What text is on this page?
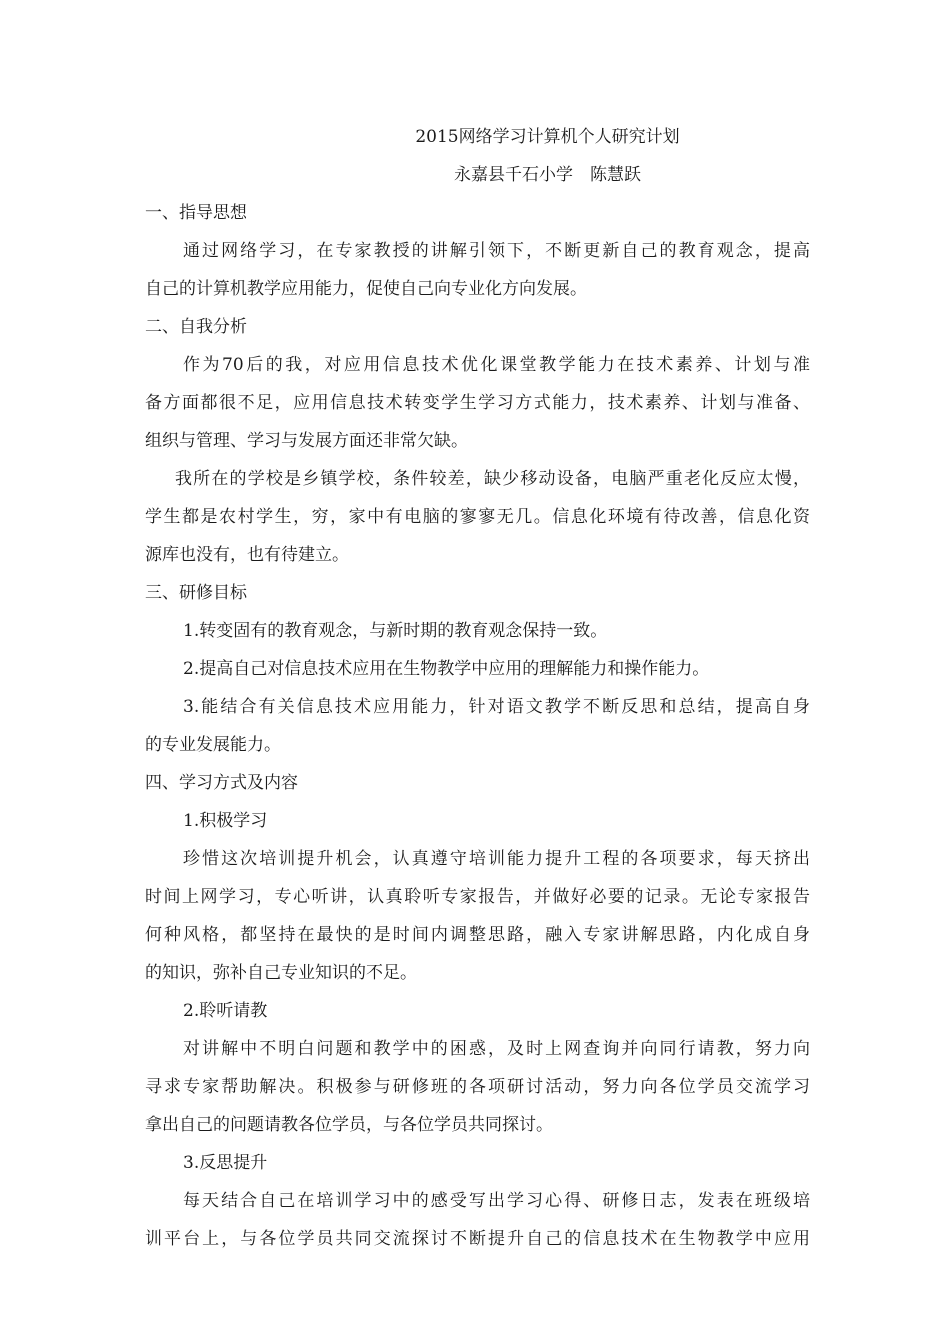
2015网络学习计算机个人研究计划
永嘉县千石小学　陈慧跃
一、指导思想
通过网络学习，在专家教授的讲解引领下，不断更新自己的教育观念，提高
自己的计算机教学应用能力，促使自己向专业化方向发展。
二、自我分析
作为70后的我，对应用信息技术优化课堂教学能力在技术素养、计划与准
备方面都很不足，应用信息技术转变学生学习方式能力，技术素养、计划与准备、
组织与管理、学习与发展方面还非常欠缺。
我所在的学校是乡镇学校，条件较差，缺少移动设备，电脑严重老化反应太慢，
学生都是农村学生，穷，家中有电脑的寥寥无几。信息化环境有待改善，信息化资
源库也没有，也有待建立。
三、研修目标
1.转变固有的教育观念，与新时期的教育观念保持一致。
2.提高自己对信息技术应用在生物教学中应用的理解能力和操作能力。
3.能结合有关信息技术应用能力，针对语文教学不断反思和总结，提高自身
的专业发展能力。
四、学习方式及内容
1.积极学习
珍惜这次培训提升机会，认真遵守培训能力提升工程的各项要求，每天挤出
时间上网学习，专心听讲，认真聆听专家报告，并做好必要的记录。无论专家报告
何种风格，都坚持在最快的是时间内调整思路，融入专家讲解思路，内化成自身
的知识，弥补自己专业知识的不足。
2.聆听请教
对讲解中不明白问题和教学中的困惑，及时上网查询并向同行请教，努力向
寻求专家帮助解决。积极参与研修班的各项研讨活动，努力向各位学员交流学习
拿出自己的问题请教各位学员，与各位学员共同探讨。
3.反思提升
每天结合自己在培训学习中的感受写出学习心得、研修日志，发表在班级培
训平台上，与各位学员共同交流探讨不断提升自己的信息技术在生物教学中应用
